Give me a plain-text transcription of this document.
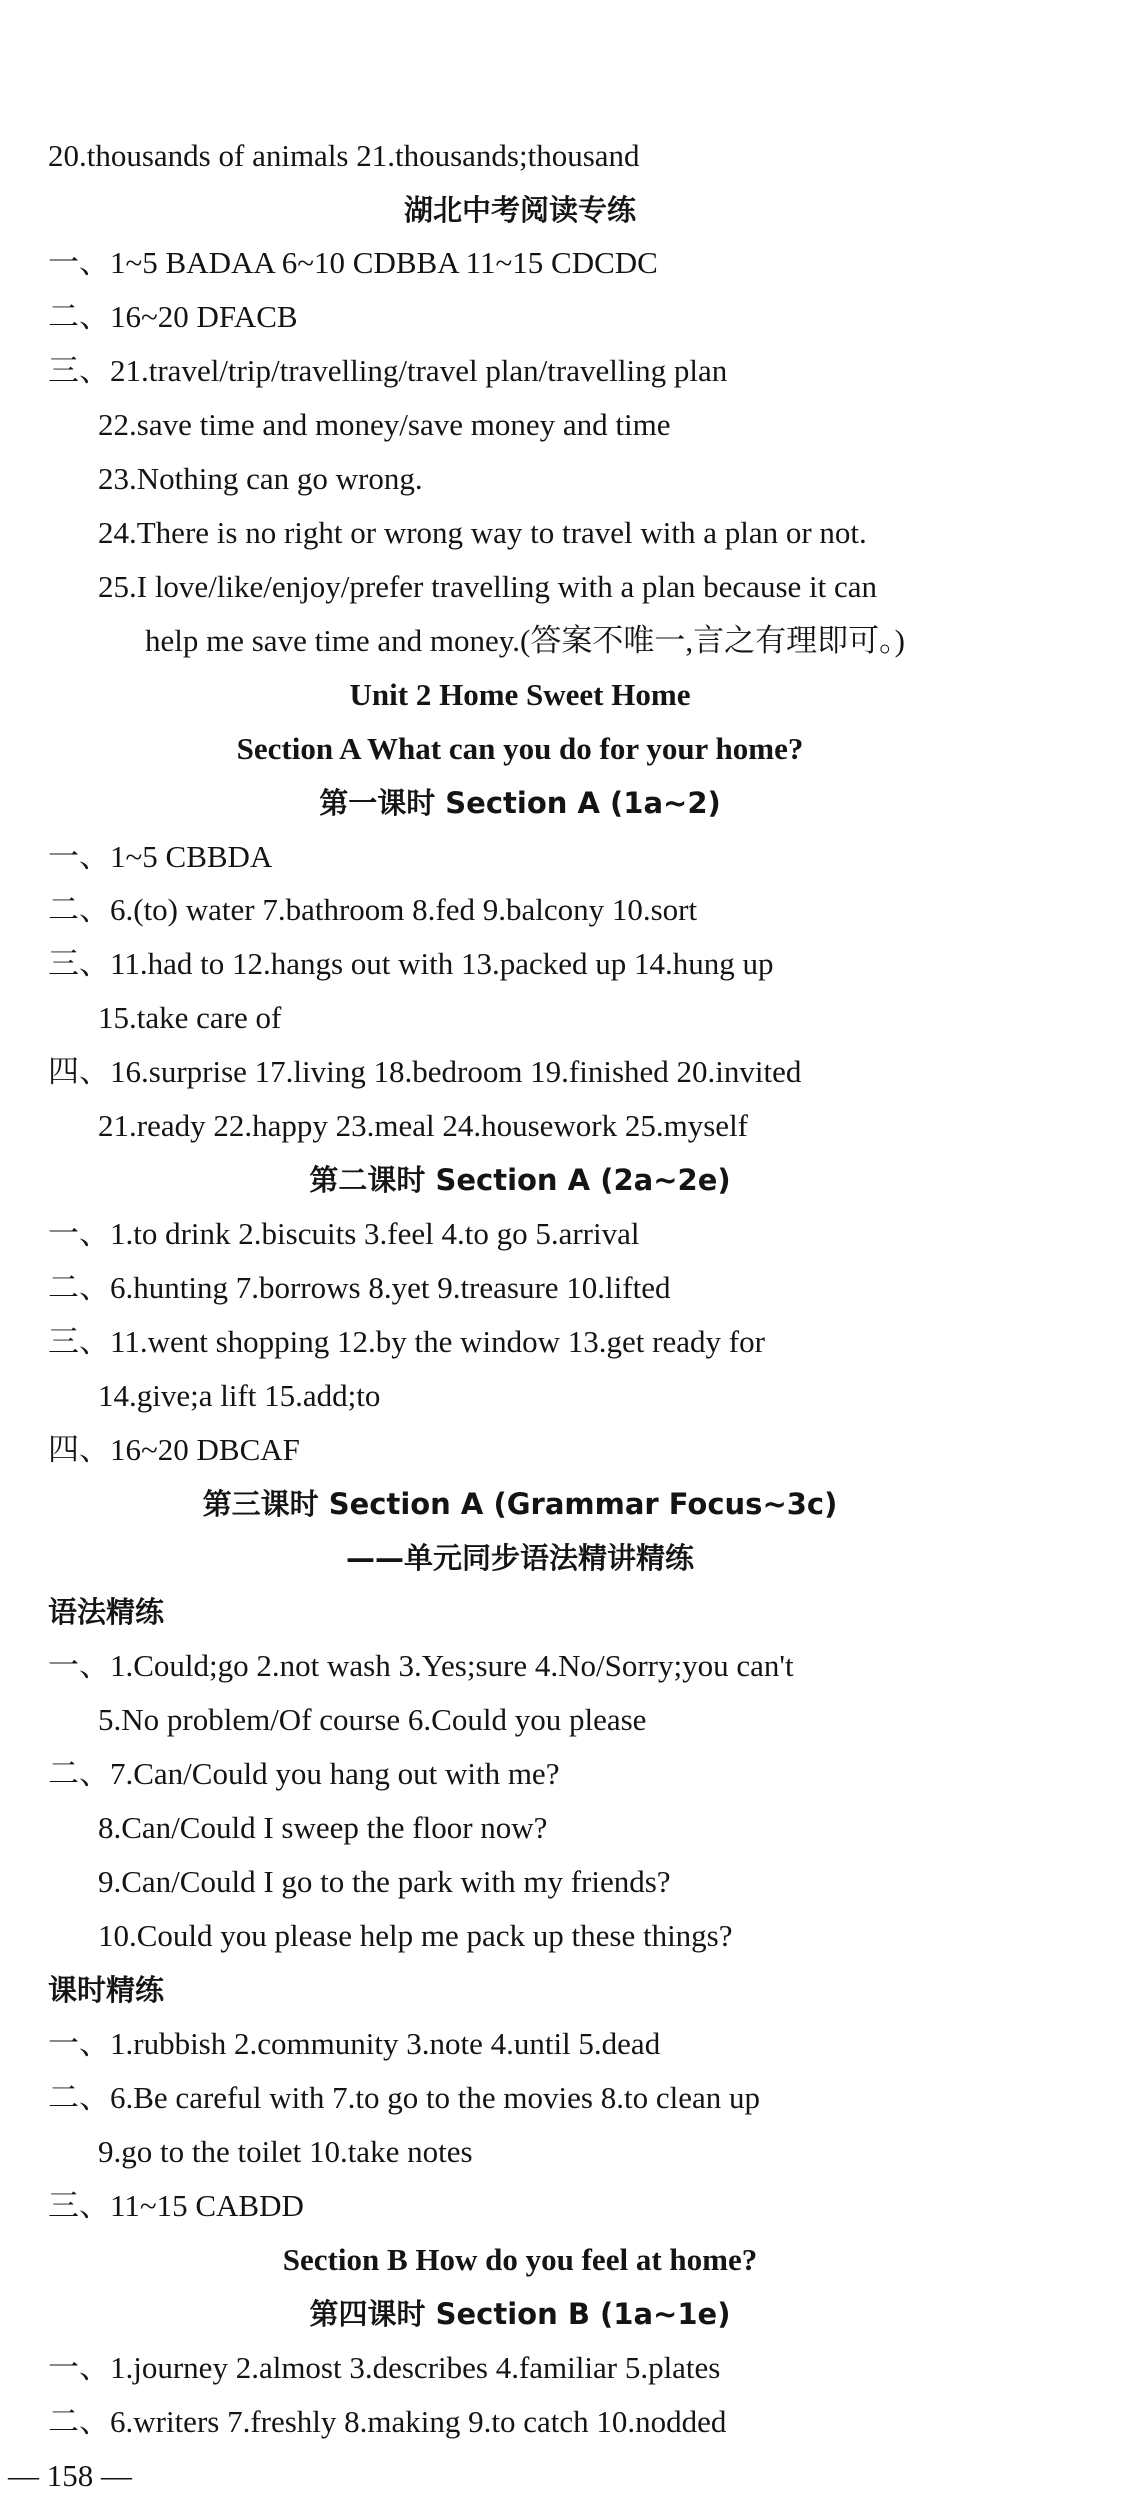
20.thousands of animals 21.thousands;thousand
湖北中考阅读专练
一、1~5 BADAA 6~10 CDBBA 11~15 CDCDC
二、16~20 DFACB
三、21.travel/trip/travelling/travel plan/travelling plan
22.save time and money/save money and time
23.Nothing can go wrong.
24.There is no right or wrong way to travel with a plan or not.
25.I love/like/enjoy/prefer travelling with a plan because it can
help me save time and money.(答案不唯一,言之有理即可。)
Unit 2 Home Sweet Home
Section A What can you do for your home?
第一课时 Section A (1a~2)
一、1~5 CBBDA
二、6.(to) water 7.bathroom 8.fed 9.balcony 10.sort
三、11.had to 12.hangs out with 13.packed up 14.hung up
15.take care of
四、16.surprise 17.living 18.bedroom 19.finished 20.invited
21.ready 22.happy 23.meal 24.housework 25.myself
第二课时 Section A (2a~2e)
一、1.to drink 2.biscuits 3.feel 4.to go 5.arrival
二、6.hunting 7.borrows 8.yet 9.treasure 10.lifted
三、11.went shopping 12.by the window 13.get ready for
14.give;a lift 15.add;to
四、16~20 DBCAF
第三课时 Section A (Grammar Focus~3c)
——单元同步语法精讲精练
语法精练
一、1.Could;go 2.not wash 3.Yes;sure 4.No/Sorry;you can't
5.No problem/Of course 6.Could you please
二、7.Can/Could you hang out with me?
8.Can/Could I sweep the floor now?
9.Can/Could I go to the park with my friends?
10.Could you please help me pack up these things?
课时精练
一、1.rubbish 2.community 3.note 4.until 5.dead
二、6.Be careful with 7.to go to the movies 8.to clean up
9.go to the toilet 10.take notes
三、11~15 CABDD
Section B How do you feel at home?
第四课时 Section B (1a~1e)
一、1.journey 2.almost 3.describes 4.familiar 5.plates
二、6.writers 7.freshly 8.making 9.to catch 10.nodded
— 158 —
